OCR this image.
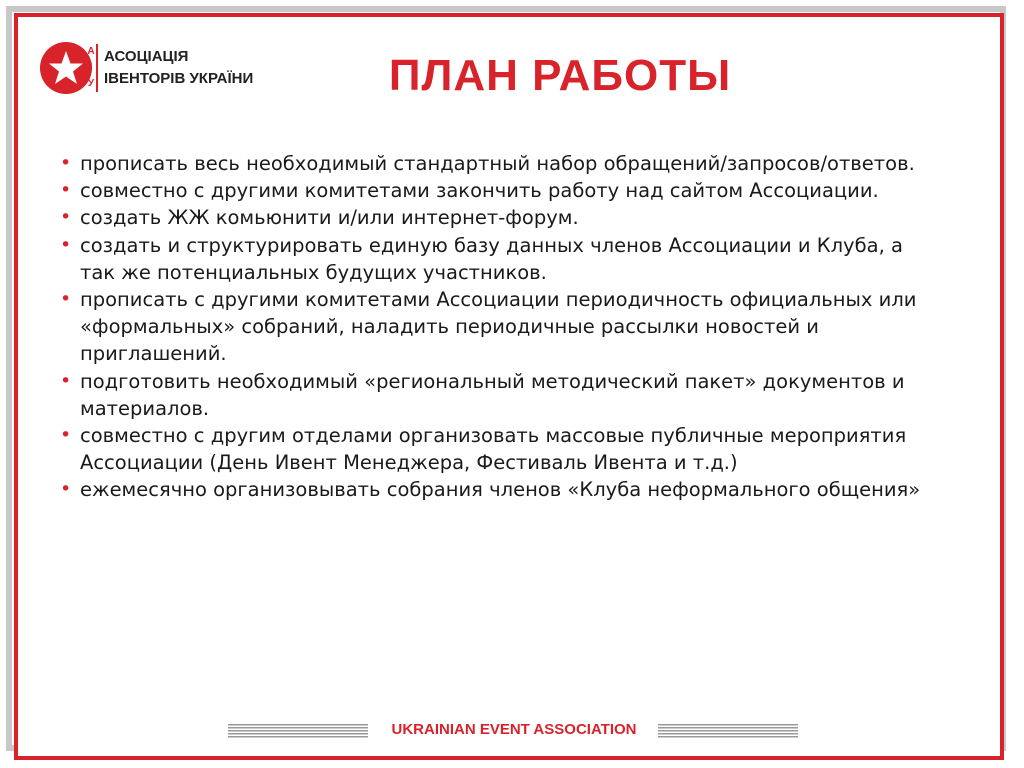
А
І
У
АСОЦІАЦІЯ
ІВЕНТОРІВ УКРАЇНИ	ПЛАН РАБОТЫ
• прописать весь необходимый стандартный набор обращений/запросов/ответов.
• совместно с другими комитетами закончить работу над сайтом Ассоциации.
• создать ЖЖ комьюнити и/или интернет-форум.
• создать и структурировать единую базу данных членов Ассоциации и Клуба, а так же потенциальных будущих участников.
• прописать с другими комитетами Ассоциации периодичность официальных или «формальных» собраний, наладить периодичные рассылки новостей и приглашений.
• подготовить необходимый «региональный методический пакет» документов и материалов.
• совместно с другим отделами организовать массовые публичные мероприятия Ассоциации (День Ивент Менеджера, Фестиваль Ивента и т.д.)
• ежемесячно организовывать собрания членов «Клуба неформального общения»
UKRAINIAN EVENT ASSOCIATION
